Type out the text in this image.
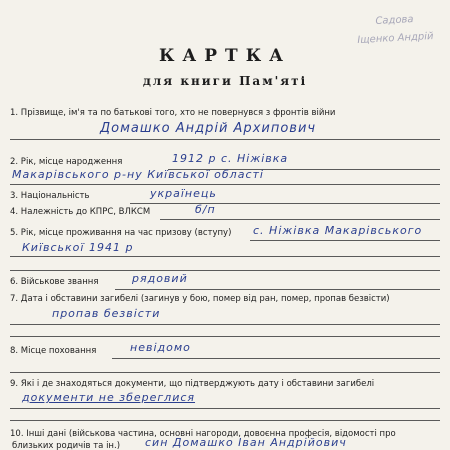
Садова
Іщенко Андрій
КАРТКА
для книги Пам'яті
1. Прізвище, ім'я та по батькові того, хто не повернувся з фронтів війни
Домашко Андрій Архипович
2. Рік, місце народження	1912 р с. Ніжівка
Макарівського р-ну Київської області
3. Національність	українець
4. Належність до КПРС, ВЛКСМ	б/п
5. Рік, місце проживання на час призову (вступу) с. Ніжівка Макарівського
Київської 1941 р
6. Військове звання	рядовий
7. Дата і обставини загибелі (загинув у бою, помер від ран, помер, пропав безвісти)
пропав безвісти
8. Місце поховання	невідомо
9. Які і де знаходяться документи, що підтверджують дату і обставини загибелі
документи не збереглися
10. Інші дані (військова частина, основні нагороди, довоєнна професія, відомості про
близьких родичів та ін.) син Домашко Іван Андрійович
